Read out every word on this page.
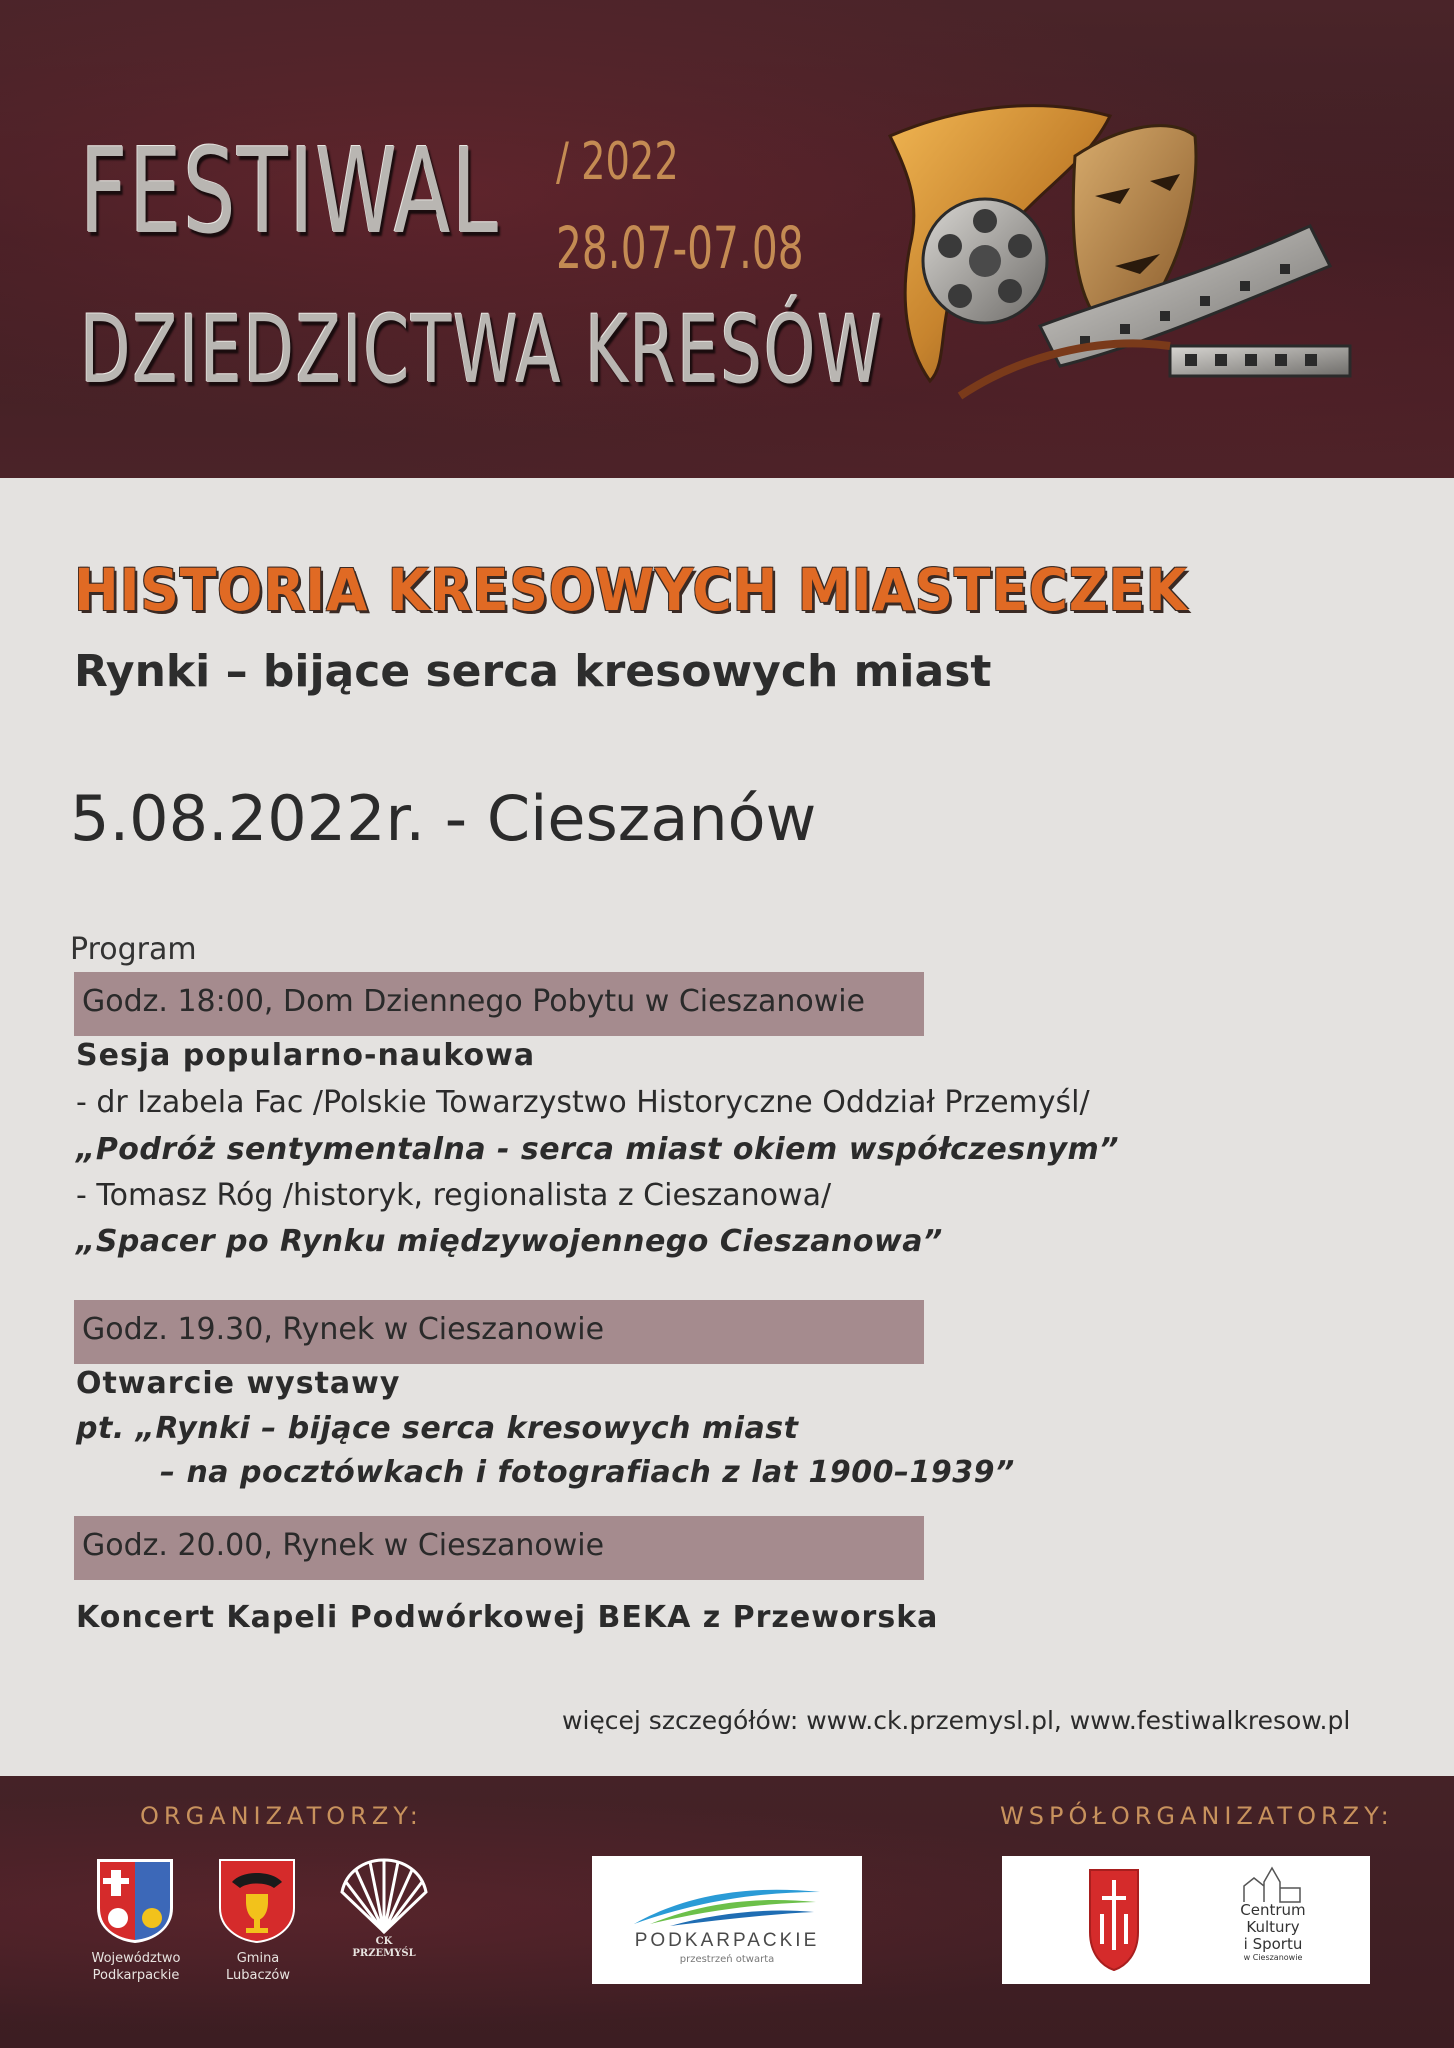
FESTIWAL
DZIEDZICTWA KRESÓW
/ 2022
28.07-07.08
HISTORIA KRESOWYCH MIASTECZEK
Rynki – bijące serca kresowych miast
5.08.2022r. - Cieszanów
Program
Godz. 18:00, Dom Dziennego Pobytu w Cieszanowie
Sesja popularno-naukowa
- dr Izabela Fac /Polskie Towarzystwo Historyczne Oddział Przemyśl/
„Podróż sentymentalna - serca miast okiem współczesnym”
- Tomasz Róg /historyk, regionalista z Cieszanowa/
„Spacer po Rynku międzywojennego Cieszanowa”
Godz. 19.30, Rynek w Cieszanowie
Otwarcie wystawy
pt. „Rynki – bijące serca kresowych miast
– na pocztówkach i fotografiach z lat 1900–1939”
Godz. 20.00, Rynek w Cieszanowie
Koncert Kapeli Podwórkowej BEKA z Przeworska
więcej szczegółów: www.ck.przemysl.pl, www.festiwalkresow.pl
ORGANIZATORZY:	WSPÓŁORGANIZATORZY:
Województwo
Podkarpackie
Gmina
Lubaczów
CK
PRZEMYŚL
PODKARPACKIE
przestrzeń otwarta
Centrum
Kultury
i Sportu
w Cieszanowie
